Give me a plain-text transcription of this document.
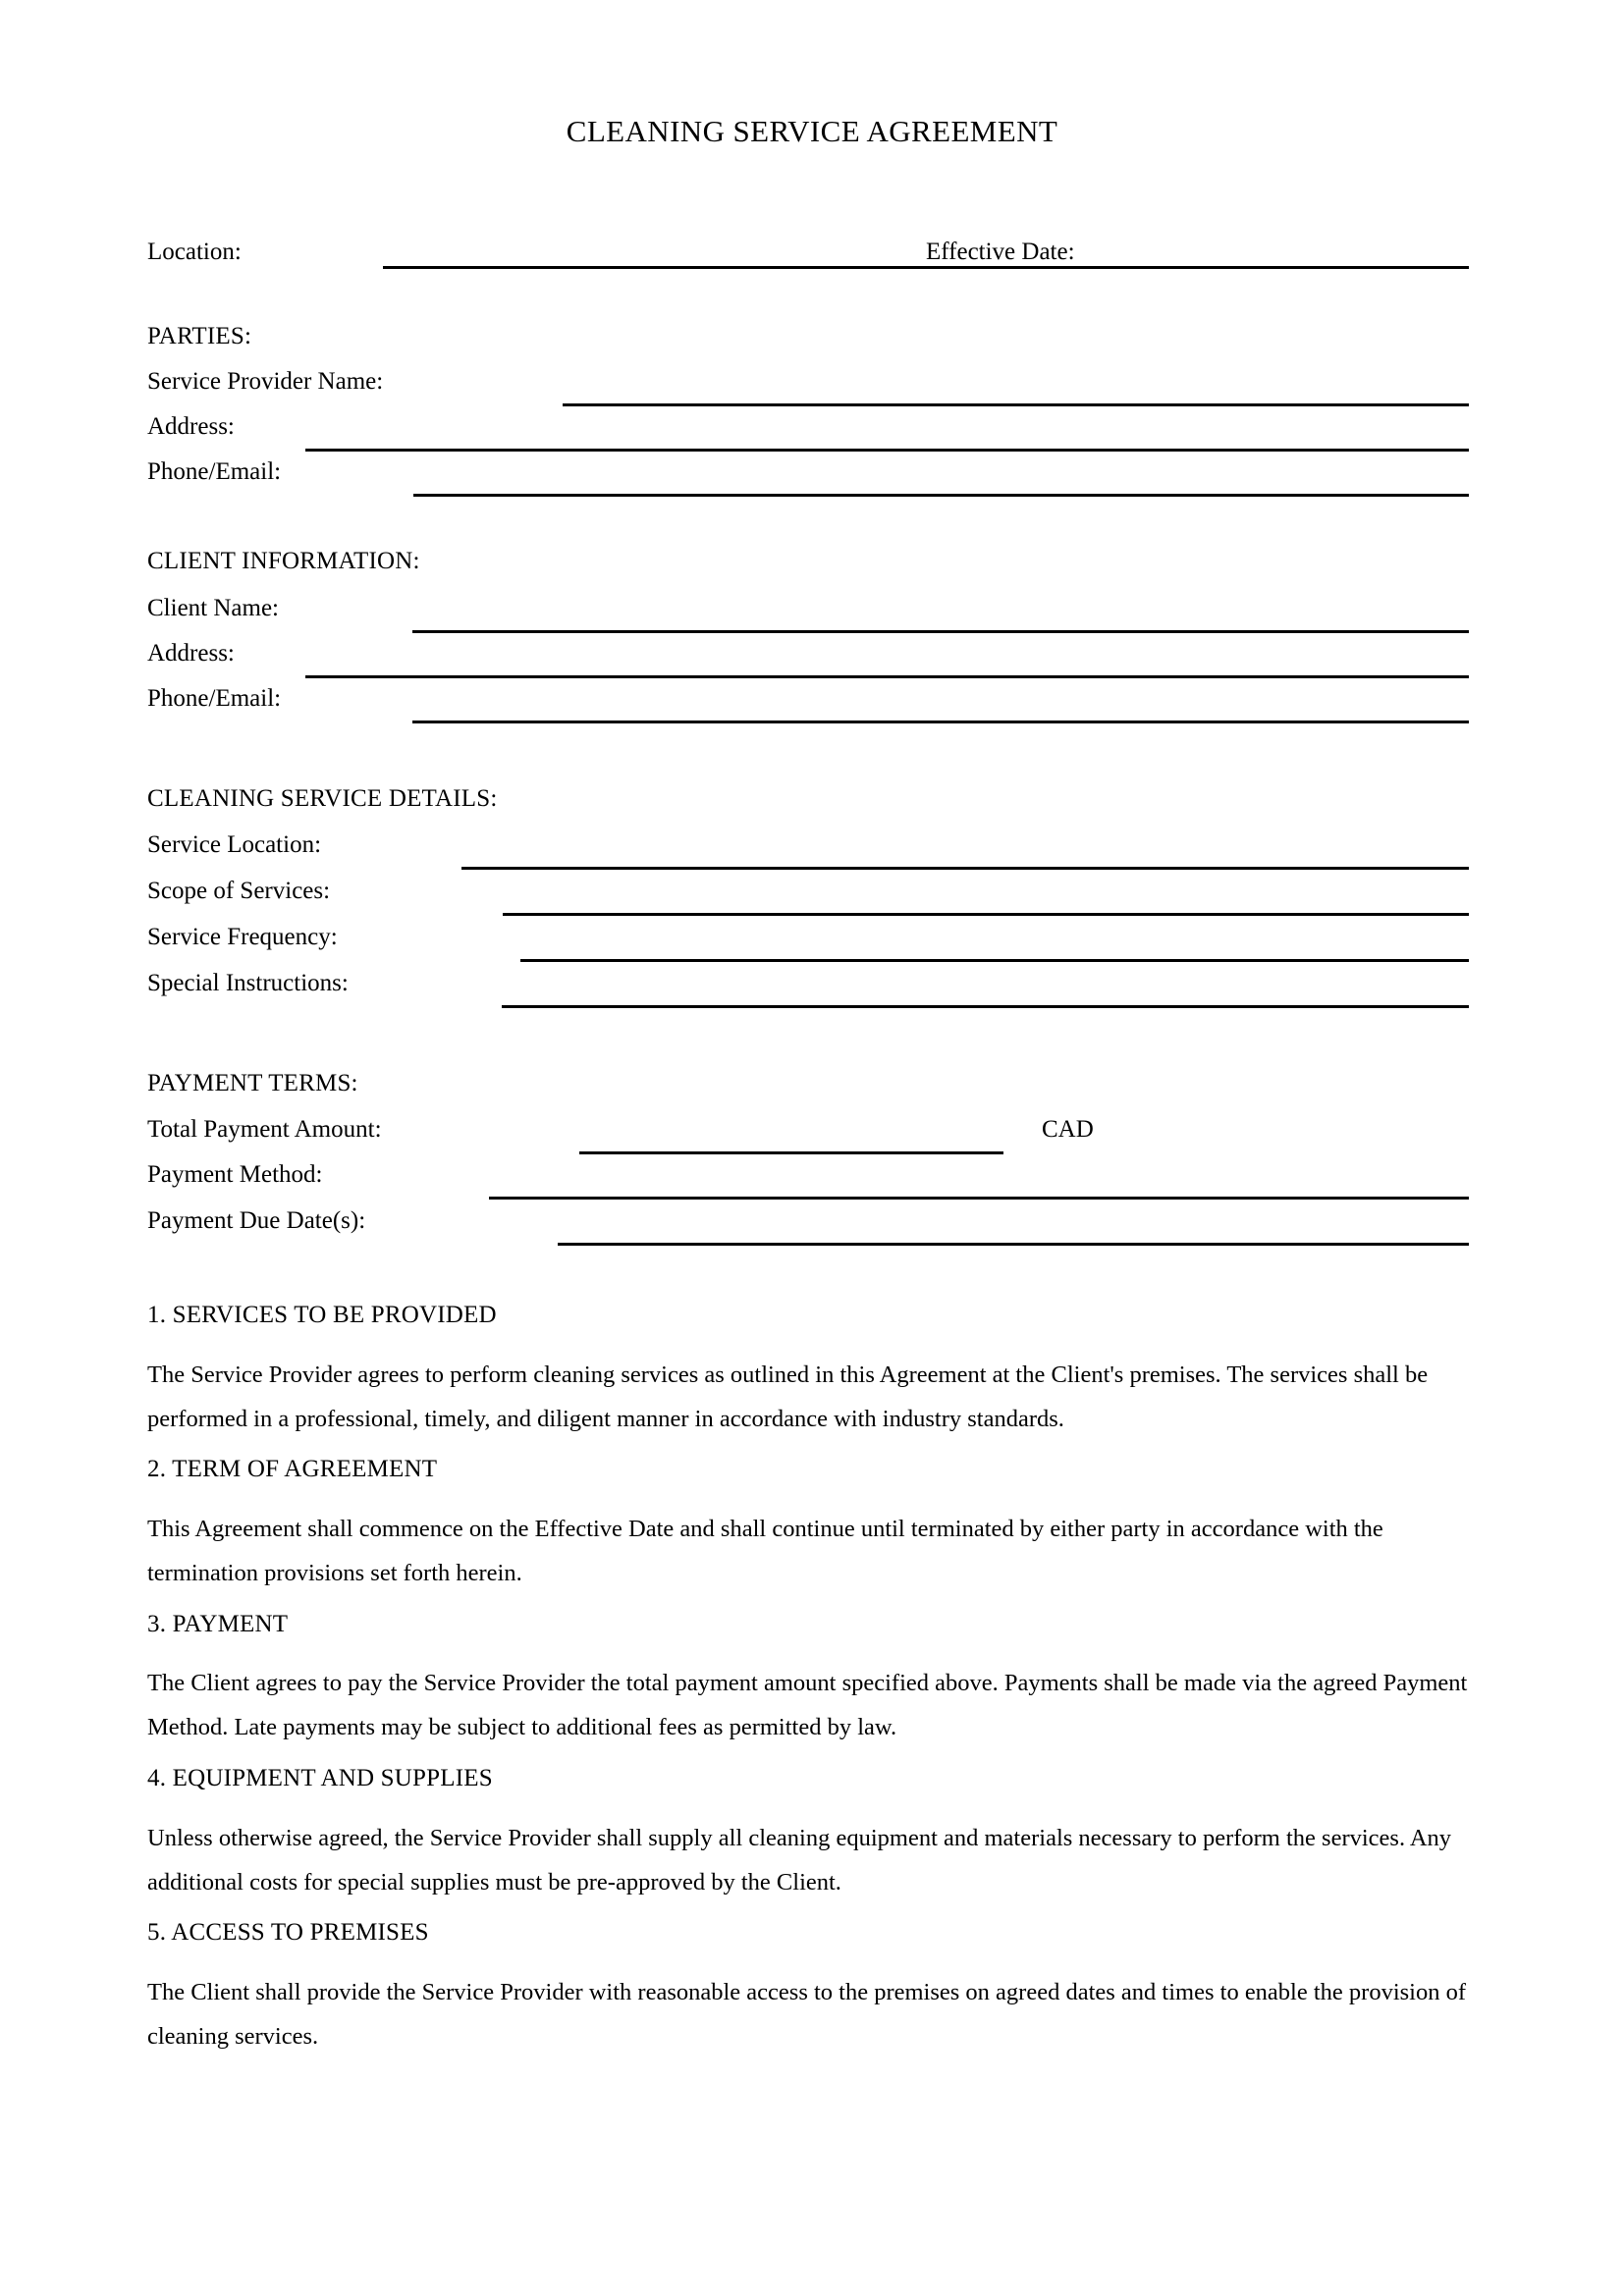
CLEANING SERVICE AGREEMENT
Location:	Effective Date:
PARTIES:
Service Provider Name:
Address:
Phone/Email:
CLIENT INFORMATION:
Client Name:
Address:
Phone/Email:
CLEANING SERVICE DETAILS:
Service Location:
Scope of Services:
Service Frequency:
Special Instructions:
PAYMENT TERMS:
Total Payment Amount:	CAD
Payment Method:
Payment Due Date(s):
1. SERVICES TO BE PROVIDED
The Service Provider agrees to perform cleaning services as outlined in this Agreement at the Client's premises. The services shall be performed in a professional, timely, and diligent manner in accordance with industry standards.
2. TERM OF AGREEMENT
This Agreement shall commence on the Effective Date and shall continue until terminated by either party in accordance with the termination provisions set forth herein.
3. PAYMENT
The Client agrees to pay the Service Provider the total payment amount specified above. Payments shall be made via the agreed Payment Method. Late payments may be subject to additional fees as permitted by law.
4. EQUIPMENT AND SUPPLIES
Unless otherwise agreed, the Service Provider shall supply all cleaning equipment and materials necessary to perform the services. Any additional costs for special supplies must be pre-approved by the Client.
5. ACCESS TO PREMISES
The Client shall provide the Service Provider with reasonable access to the premises on agreed dates and times to enable the provision of cleaning services.
